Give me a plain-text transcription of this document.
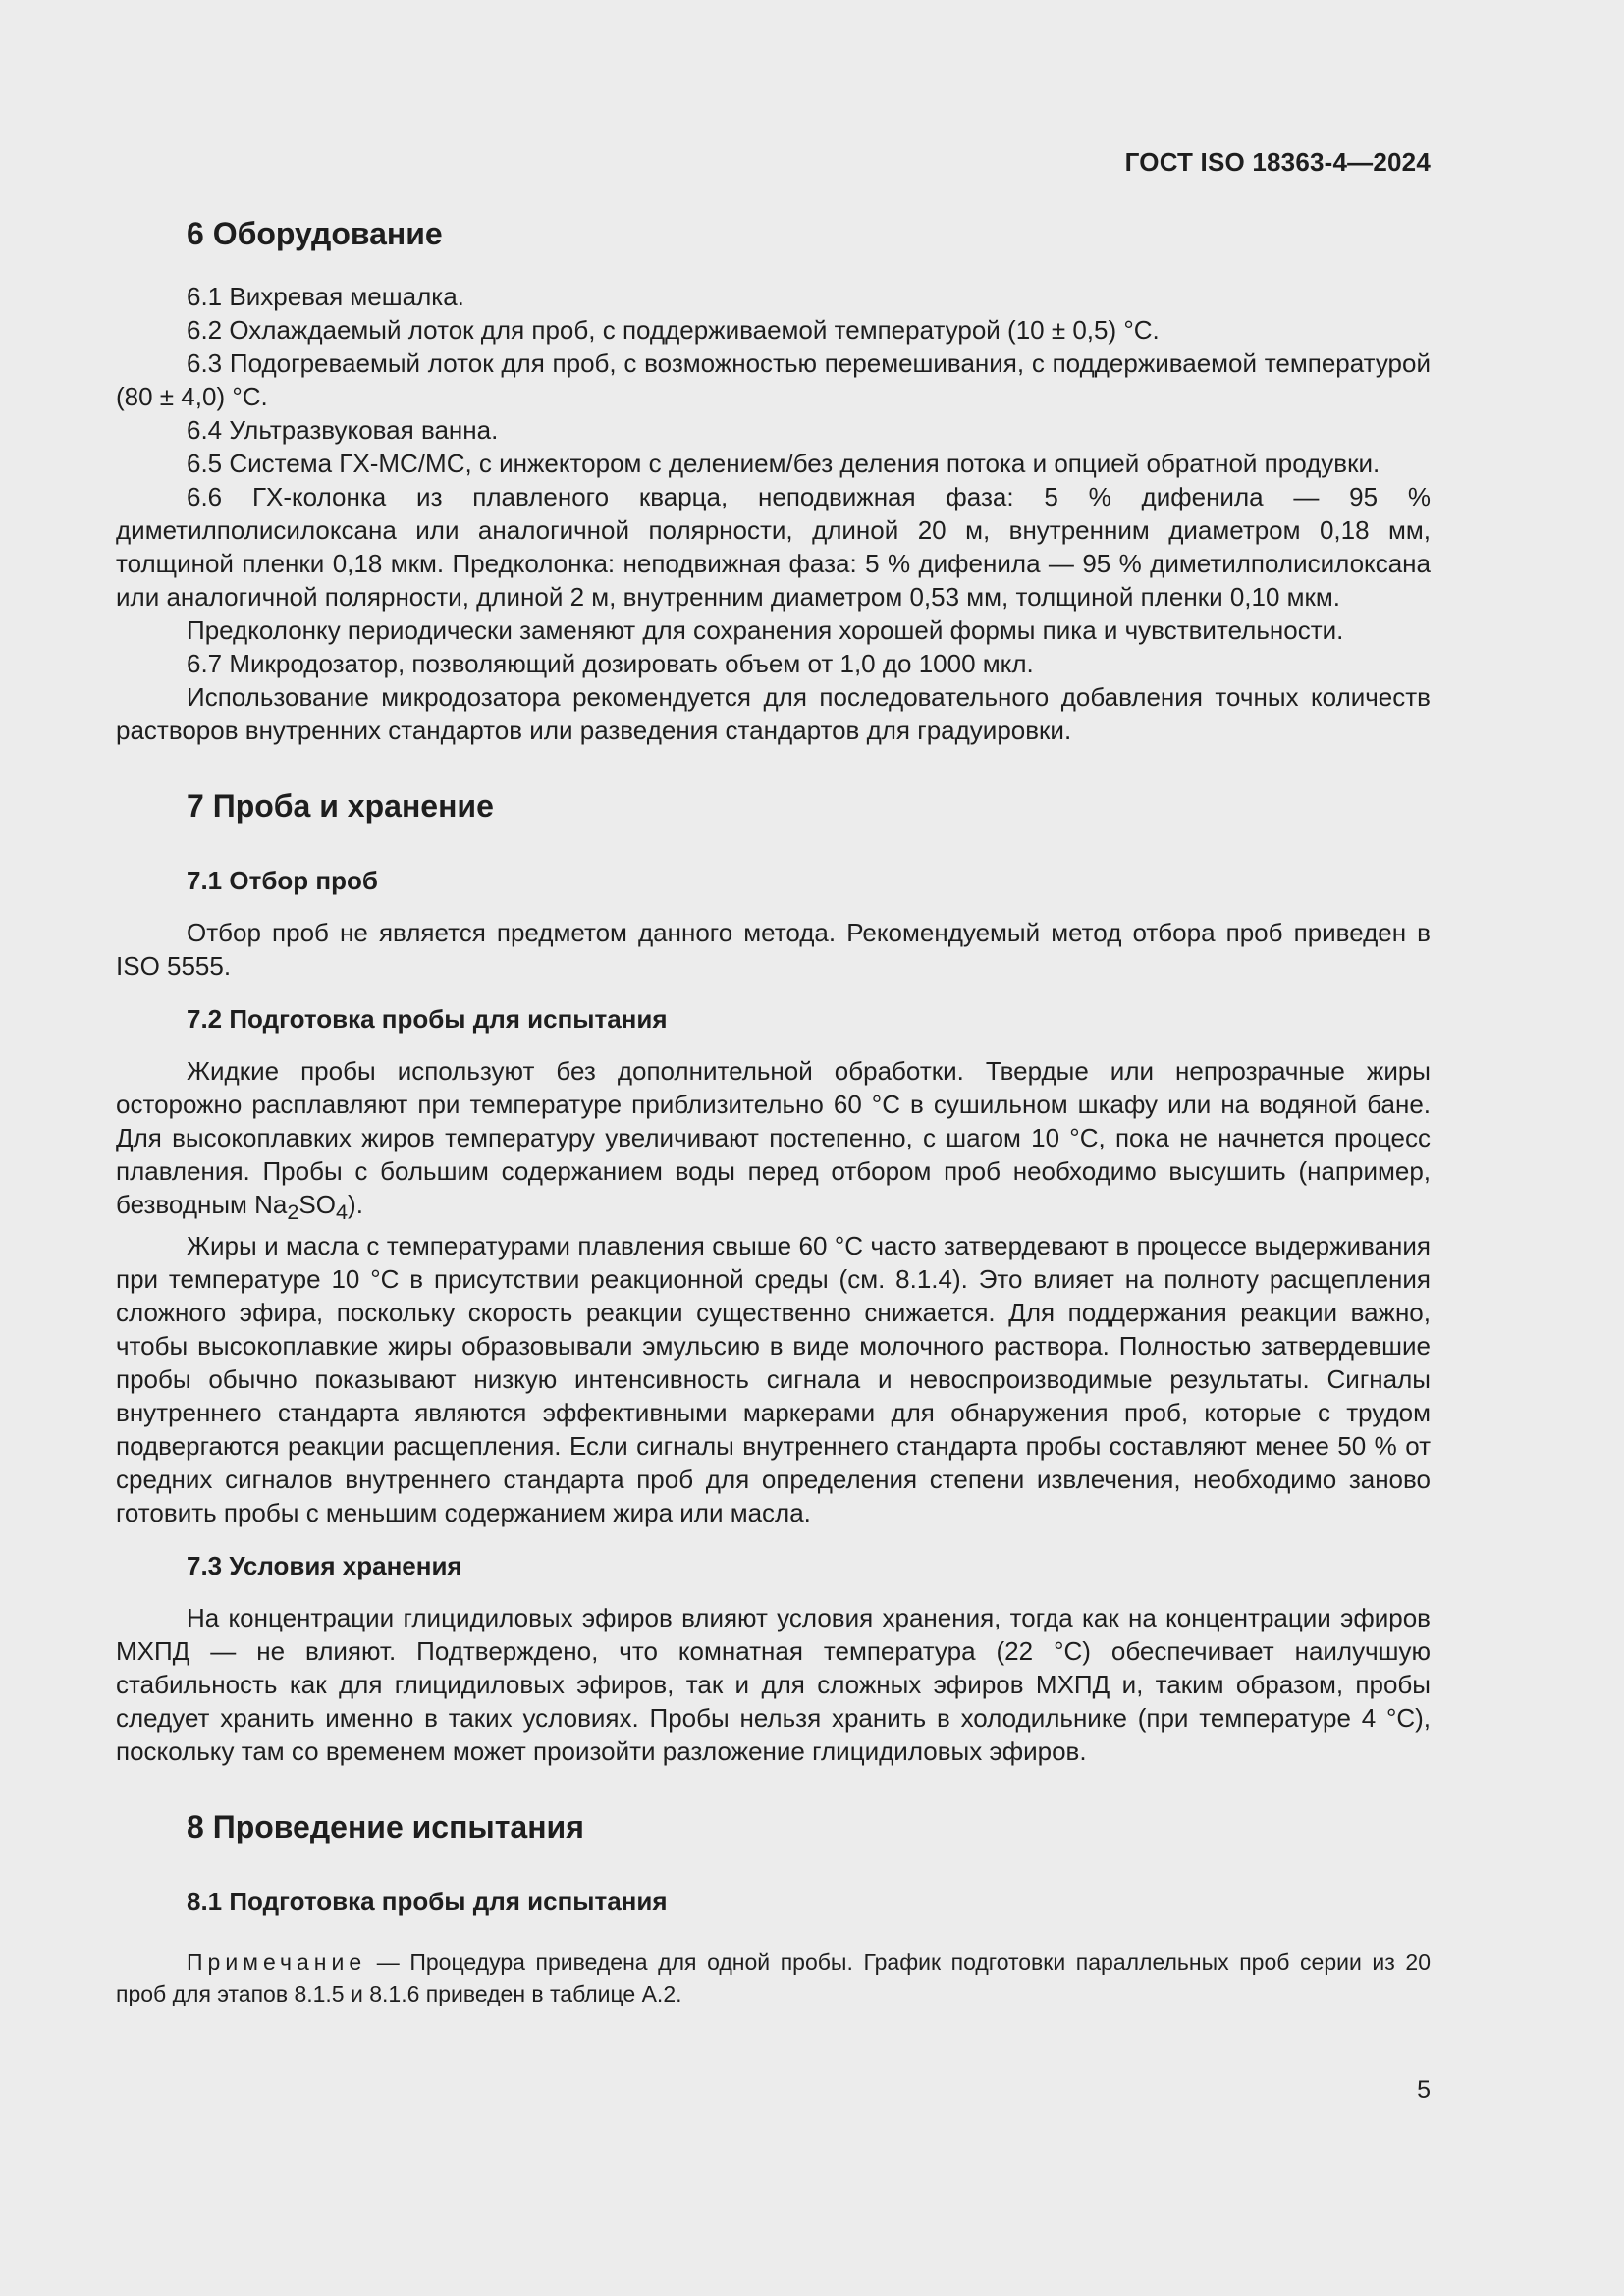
ГОСТ ISO 18363-4—2024
6 Оборудование

6.1 Вихревая мешалка.

6.2 Охлаждаемый лоток для проб, с поддерживаемой температурой (10 ± 0,5) °C.

6.3 Подогреваемый лоток для проб, с возможностью перемешивания, с поддерживаемой температурой (80 ± 4,0) °C.

6.4 Ультразвуковая ванна.

6.5 Система ГХ-МС/МС, с инжектором с делением/без деления потока и опцией обратной продувки.

6.6 ГХ-колонка из плавленого кварца, неподвижная фаза: 5 % дифенила — 95 % диметилполисилоксана или аналогичной полярности, длиной 20 м, внутренним диаметром 0,18 мм, толщиной пленки 0,18 мкм. Предколонка: неподвижная фаза: 5 % дифенила — 95 % диметилполисилоксана или аналогичной полярности, длиной 2 м, внутренним диаметром 0,53 мм, толщиной пленки 0,10 мкм.

Предколонку периодически заменяют для сохранения хорошей формы пика и чувствительности.

6.7 Микродозатор, позволяющий дозировать объем от 1,0 до 1000 мкл.

Использование микродозатора рекомендуется для последовательного добавления точных количеств растворов внутренних стандартов или разведения стандартов для градуировки.

7 Проба и хранение
7.1 Отбор проб

Отбор проб не является предметом данного метода. Рекомендуемый метод отбора проб приведен в ISO 5555.

7.2 Подготовка пробы для испытания

Жидкие пробы используют без дополнительной обработки. Твердые или непрозрачные жиры осторожно расплавляют при температуре приблизительно 60 °C в сушильном шкафу или на водяной бане. Для высокоплавких жиров температуру увеличивают постепенно, с шагом 10 °C, пока не начнется процесс плавления. Пробы с большим содержанием воды перед отбором проб необходимо высушить (например, безводным $Na_2SO_4$).

Жиры и масла с температурами плавления свыше 60 °C часто затвердевают в процессе выдерживания при температуре 10 °C в присутствии реакционной среды (см. 8.1.4). Это влияет на полноту расщепления сложного эфира, поскольку скорость реакции существенно снижается. Для поддержания реакции важно, чтобы высокоплавкие жиры образовывали эмульсию в виде молочного раствора. Полностью затвердевшие пробы обычно показывают низкую интенсивность сигнала и невоспроизводимые результаты. Сигналы внутреннего стандарта являются эффективными маркерами для обнаружения проб, которые с трудом подвергаются реакции расщепления. Если сигналы внутреннего стандарта пробы составляют менее 50 % от средних сигналов внутреннего стандарта проб для определения степени извлечения, необходимо заново готовить пробы с меньшим содержанием жира или масла.

7.3 Условия хранения

На концентрации глицидиловых эфиров влияют условия хранения, тогда как на концентрации эфиров МХПД — не влияют. Подтверждено, что комнатная температура (22 °C) обеспечивает наилучшую стабильность как для глицидиловых эфиров, так и для сложных эфиров МХПД и, таким образом, пробы следует хранить именно в таких условиях. Пробы нельзя хранить в холодильнике (при температуре 4 °C), поскольку там со временем может произойти разложение глицидиловых эфиров.

8 Проведение испытания
8.1 Подготовка пробы для испытания

Примечание — Процедура приведена для одной пробы. График подготовки параллельных проб серии из 20 проб для этапов 8.1.5 и 8.1.6 приведен в таблице А.2.

5
